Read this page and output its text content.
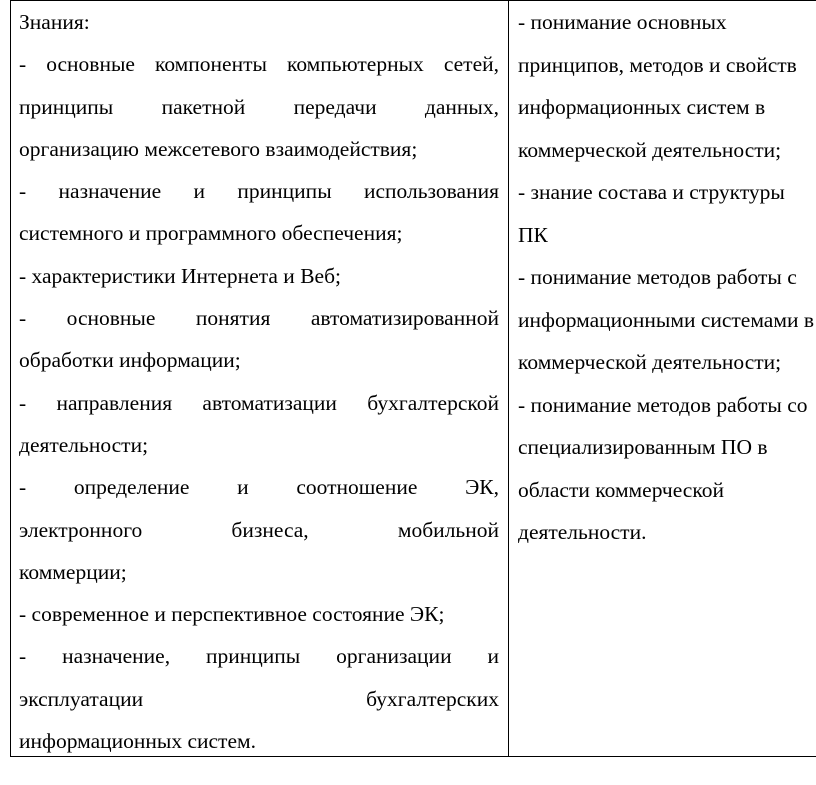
Знания:
- основные компоненты компьютерных сетей,
принципы пакетной передачи данных,
организацию межсетевого взаимодействия;
- назначение и принципы использования
системного и программного обеспечения;
- характеристики Интернета и Веб;
- основные понятия автоматизированной
обработки информации;
- направления автоматизации бухгалтерской
деятельности;
- определение и соотношение ЭК,
электронного бизнеса, мобильной
коммерции;
- современное и перспективное состояние ЭК;
- назначение, принципы организации и
эксплуатации бухгалтерских
информационных систем.
- понимание основных
принципов, методов и свойств
информационных систем в
коммерческой деятельности;
- знание состава и структуры
ПК
- понимание методов работы с
информационными системами в
коммерческой деятельности;
- понимание методов работы со
специализированным ПО в
области коммерческой
деятельности.
